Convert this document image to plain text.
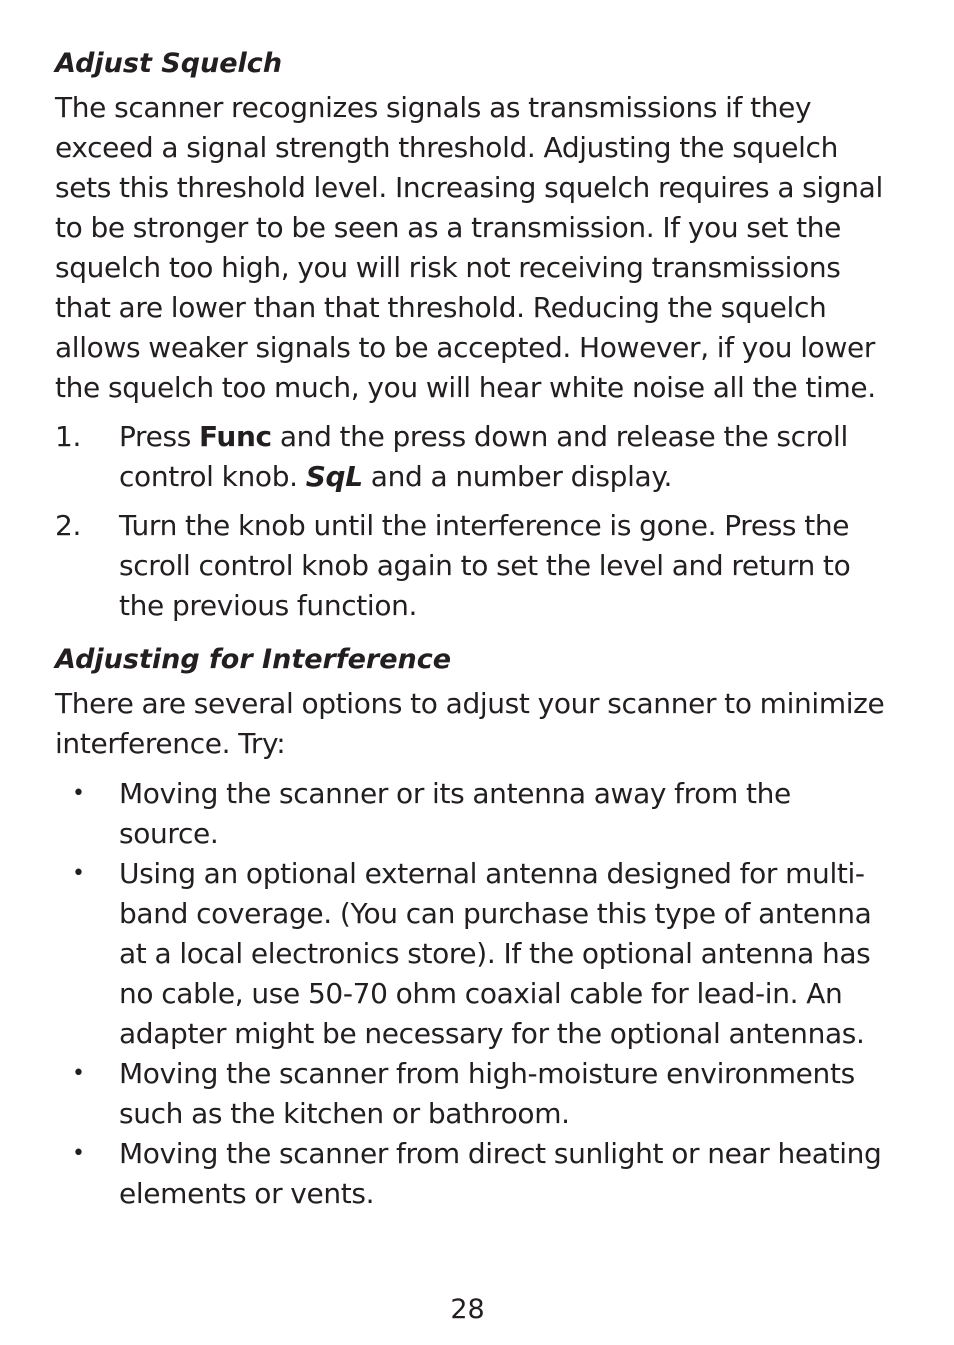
Adjust Squelch

The scanner recognizes signals as transmissions if they exceed a signal strength threshold. Adjusting the squelch sets this threshold level. Increasing squelch requires a signal to be stronger to be seen as a transmission. If you set the squelch too high, you will risk not receiving transmissions that are lower than that threshold. Reducing the squelch allows weaker signals to be accepted. However, if you lower the squelch too much, you will hear white noise all the time.

1. Press Func and the press down and release the scroll control knob. SqL and a number display.
2. Turn the knob until the interference is gone. Press the scroll control knob again to set the level and return to the previous function.
Adjusting for Interference

There are several options to adjust your scanner to minimize interference. Try:

• Moving the scanner or its antenna away from the source.
• Using an optional external antenna designed for multi-band coverage. (You can purchase this type of antenna at a local electronics store). If the optional antenna has no cable, use 50-70 ohm coaxial cable for lead-in. An adapter might be necessary for the optional antennas.
• Moving the scanner from high-moisture environments such as the kitchen or bathroom.
• Moving the scanner from direct sunlight or near heating elements or vents.
28
